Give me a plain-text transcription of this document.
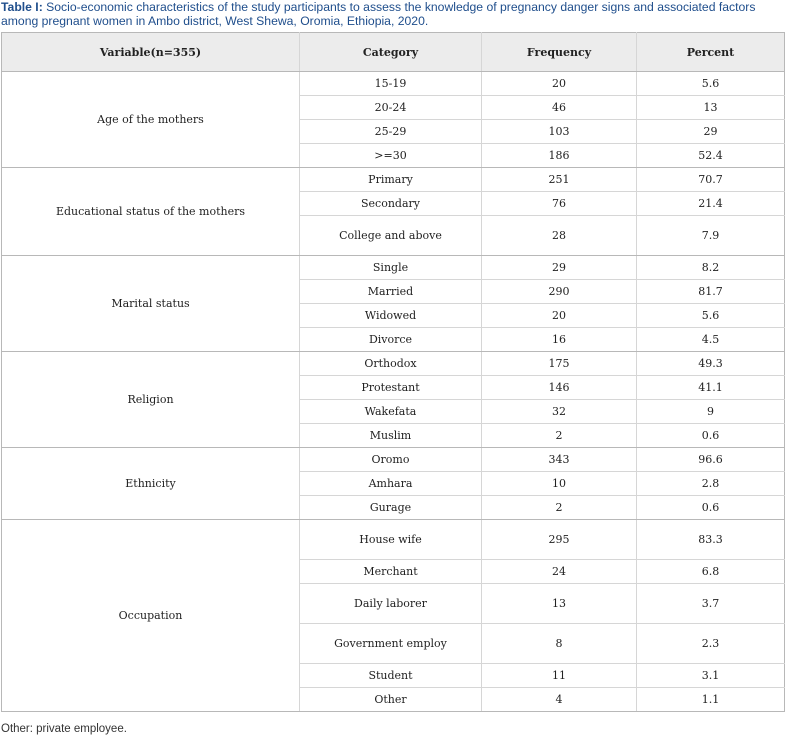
Table I: Socio-economic characteristics of the study participants to assess the knowledge of pregnancy danger signs and associated factors among pregnant women in Ambo district, West Shewa, Oromia, Ethiopia, 2020.
Variable(n=355)	Category	Frequency	Percent
Age of the mothers	15-19	20	5.6
	20-24	46	13
	25-29	103	29
	>=30	186	52.4
Educational status of the mothers	Primary	251	70.7
	Secondary	76	21.4
	College and above	28	7.9
Marital status	Single	29	8.2
	Married	290	81.7
	Widowed	20	5.6
	Divorce	16	4.5
Religion	Orthodox	175	49.3
	Protestant	146	41.1
	Wakefata	32	9
	Muslim	2	0.6
Ethnicity	Oromo	343	96.6
	Amhara	10	2.8
	Gurage	2	0.6
Occupation	House wife	295	83.3
	Merchant	24	6.8
	Daily laborer	13	3.7
	Government employ	8	2.3
	Student	11	3.1
	Other	4	1.1
Other: private employee.
